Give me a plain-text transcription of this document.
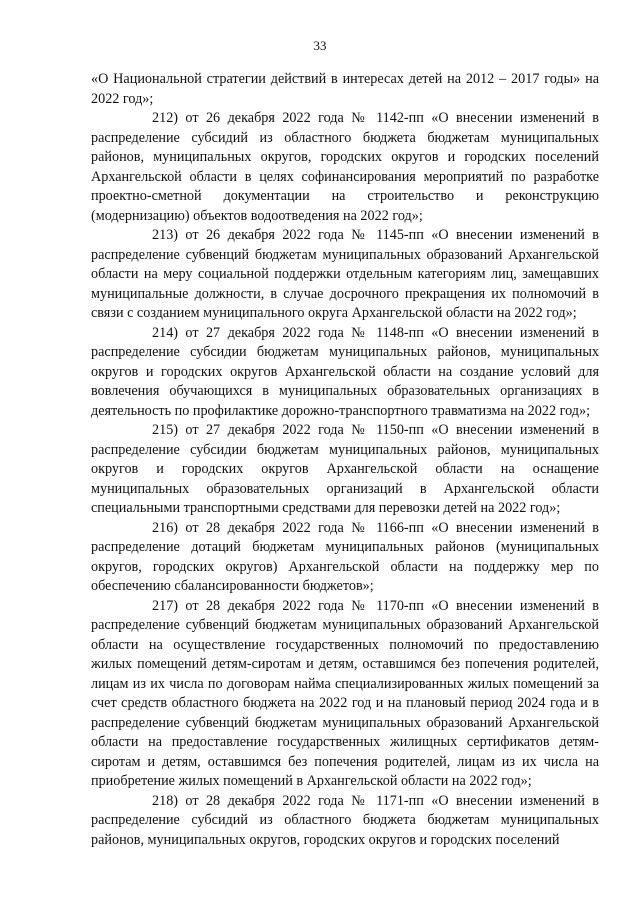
33

«О Национальной стратегии действий в интересах детей на 2012 – 2017 годы» на 2022 год»;

212) от 26 декабря 2022 года № 1142-пп «О внесении изменений в распределение субсидий из областного бюджета бюджетам муниципальных районов, муниципальных округов, городских округов и городских поселений Архангельской области в целях софинансирования мероприятий по разработке проектно-сметной документации на строительство и реконструкцию (модернизацию) объектов водоотведения на 2022 год»;

213) от 26 декабря 2022 года № 1145-пп «О внесении изменений в распределение субвенций бюджетам муниципальных образований Архангельской области на меру социальной поддержки отдельным категориям лиц, замещавших муниципальные должности, в случае досрочного прекращения их полномочий в связи с созданием муниципального округа Архангельской области на 2022 год»;

214) от 27 декабря 2022 года № 1148-пп «О внесении изменений в распределение субсидии бюджетам муниципальных районов, муниципальных округов и городских округов Архангельской области на создание условий для вовлечения обучающихся в муниципальных образовательных организациях в деятельность по профилактике дорожно-транспортного травматизма на 2022 год»;

215) от 27 декабря 2022 года № 1150-пп «О внесении изменений в распределение субсидии бюджетам муниципальных районов, муниципальных округов и городских округов Архангельской области на оснащение муниципальных образовательных организаций в Архангельской области специальными транспортными средствами для перевозки детей на 2022 год»;

216) от 28 декабря 2022 года № 1166-пп «О внесении изменений в распределение дотаций бюджетам муниципальных районов (муниципальных округов, городских округов) Архангельской области на поддержку мер по обеспечению сбалансированности бюджетов»;

217) от 28 декабря 2022 года № 1170-пп «О внесении изменений в распределение субвенций бюджетам муниципальных образований Архангельской области на осуществление государственных полномочий по предоставлению жилых помещений детям-сиротам и детям, оставшимся без попечения родителей, лицам из их числа по договорам найма специализированных жилых помещений за счет средств областного бюджета на 2022 год и на плановый период 2024 года и в распределение субвенций бюджетам муниципальных образований Архангельской области на предоставление государственных жилищных сертификатов детям-сиротам и детям, оставшимся без попечения родителей, лицам из их числа на приобретение жилых помещений в Архангельской области на 2022 год»;

218) от 28 декабря 2022 года № 1171-пп «О внесении изменений в распределение субсидий из областного бюджета бюджетам муниципальных районов, муниципальных округов, городских округов и городских поселений
